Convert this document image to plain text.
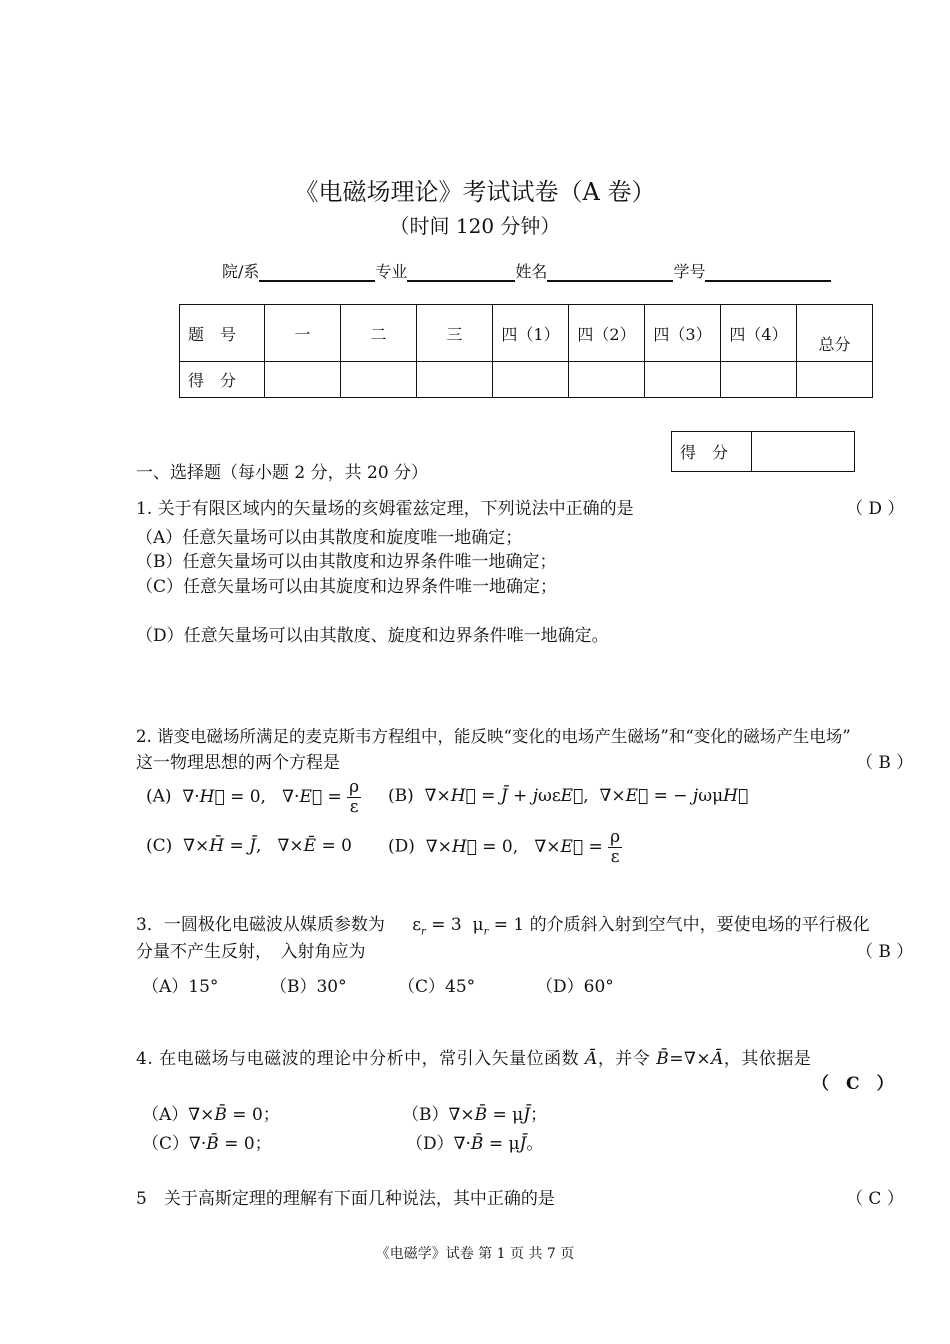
《电磁场理论》考试试卷（A 卷）
（时间 120 分钟）
院/系	专业	姓名	学号
题　号	一	二	三	四（1）	四（2）	四（3）	四（4）	总分
得　分								
得　分	
一、选择题（每小题 2 分，共 20 分）
1. 关于有限区域内的矢量场的亥姆霍兹定理，下列说法中正确的是	（ D ）
（A）任意矢量场可以由其散度和旋度唯一地确定；
（B）任意矢量场可以由其散度和边界条件唯一地确定；
（C）任意矢量场可以由其旋度和边界条件唯一地确定；
（D）任意矢量场可以由其散度、旋度和边界条件唯一地确定。
2. 谐变电磁场所满足的麦克斯韦方程组中，能反映“变化的电场产生磁场”和“变化的磁场产生电场”
这一物理思想的两个方程是	（ B ）
(A)  ∇·H⃗ = 0,   ∇·E⃗ = $\frac{\rho}{\varepsilon} (B)$  ∇×H⃗ = J̄ + jωεE⃗,  ∇×E⃗ = − jωμH⃗
(C)  ∇×H̄ = J̄,   ∇×Ē = 0 (D)  ∇×H⃗ = 0,   ∇×E⃗ = $\frac{\rho}{\varepsilon}$
3．一圆极化电磁波从媒质参数为 $\varepsilon_r = 3$  $\mu_r = 1$ 的介质斜入射到空气中，要使电场的平行极化
分量不产生反射，　入射角应为	（ B ）
（A）15°	（B）30°	（C）45°	（D）60°
4. 在电磁场与电磁波的理论中分析中，常引入矢量位函数 Ā，并令 B̄=∇×Ā，其依据是
（　C　）
（A）∇×B̄ = 0；	（B）∇×B̄ = μJ̄；
（C）∇·B̄ = 0；	（D）∇·B̄ = μJ̄。
5　关于高斯定理的理解有下面几种说法，其中正确的是	（ C ）
《电磁学》试卷 第 1 页 共 7 页
